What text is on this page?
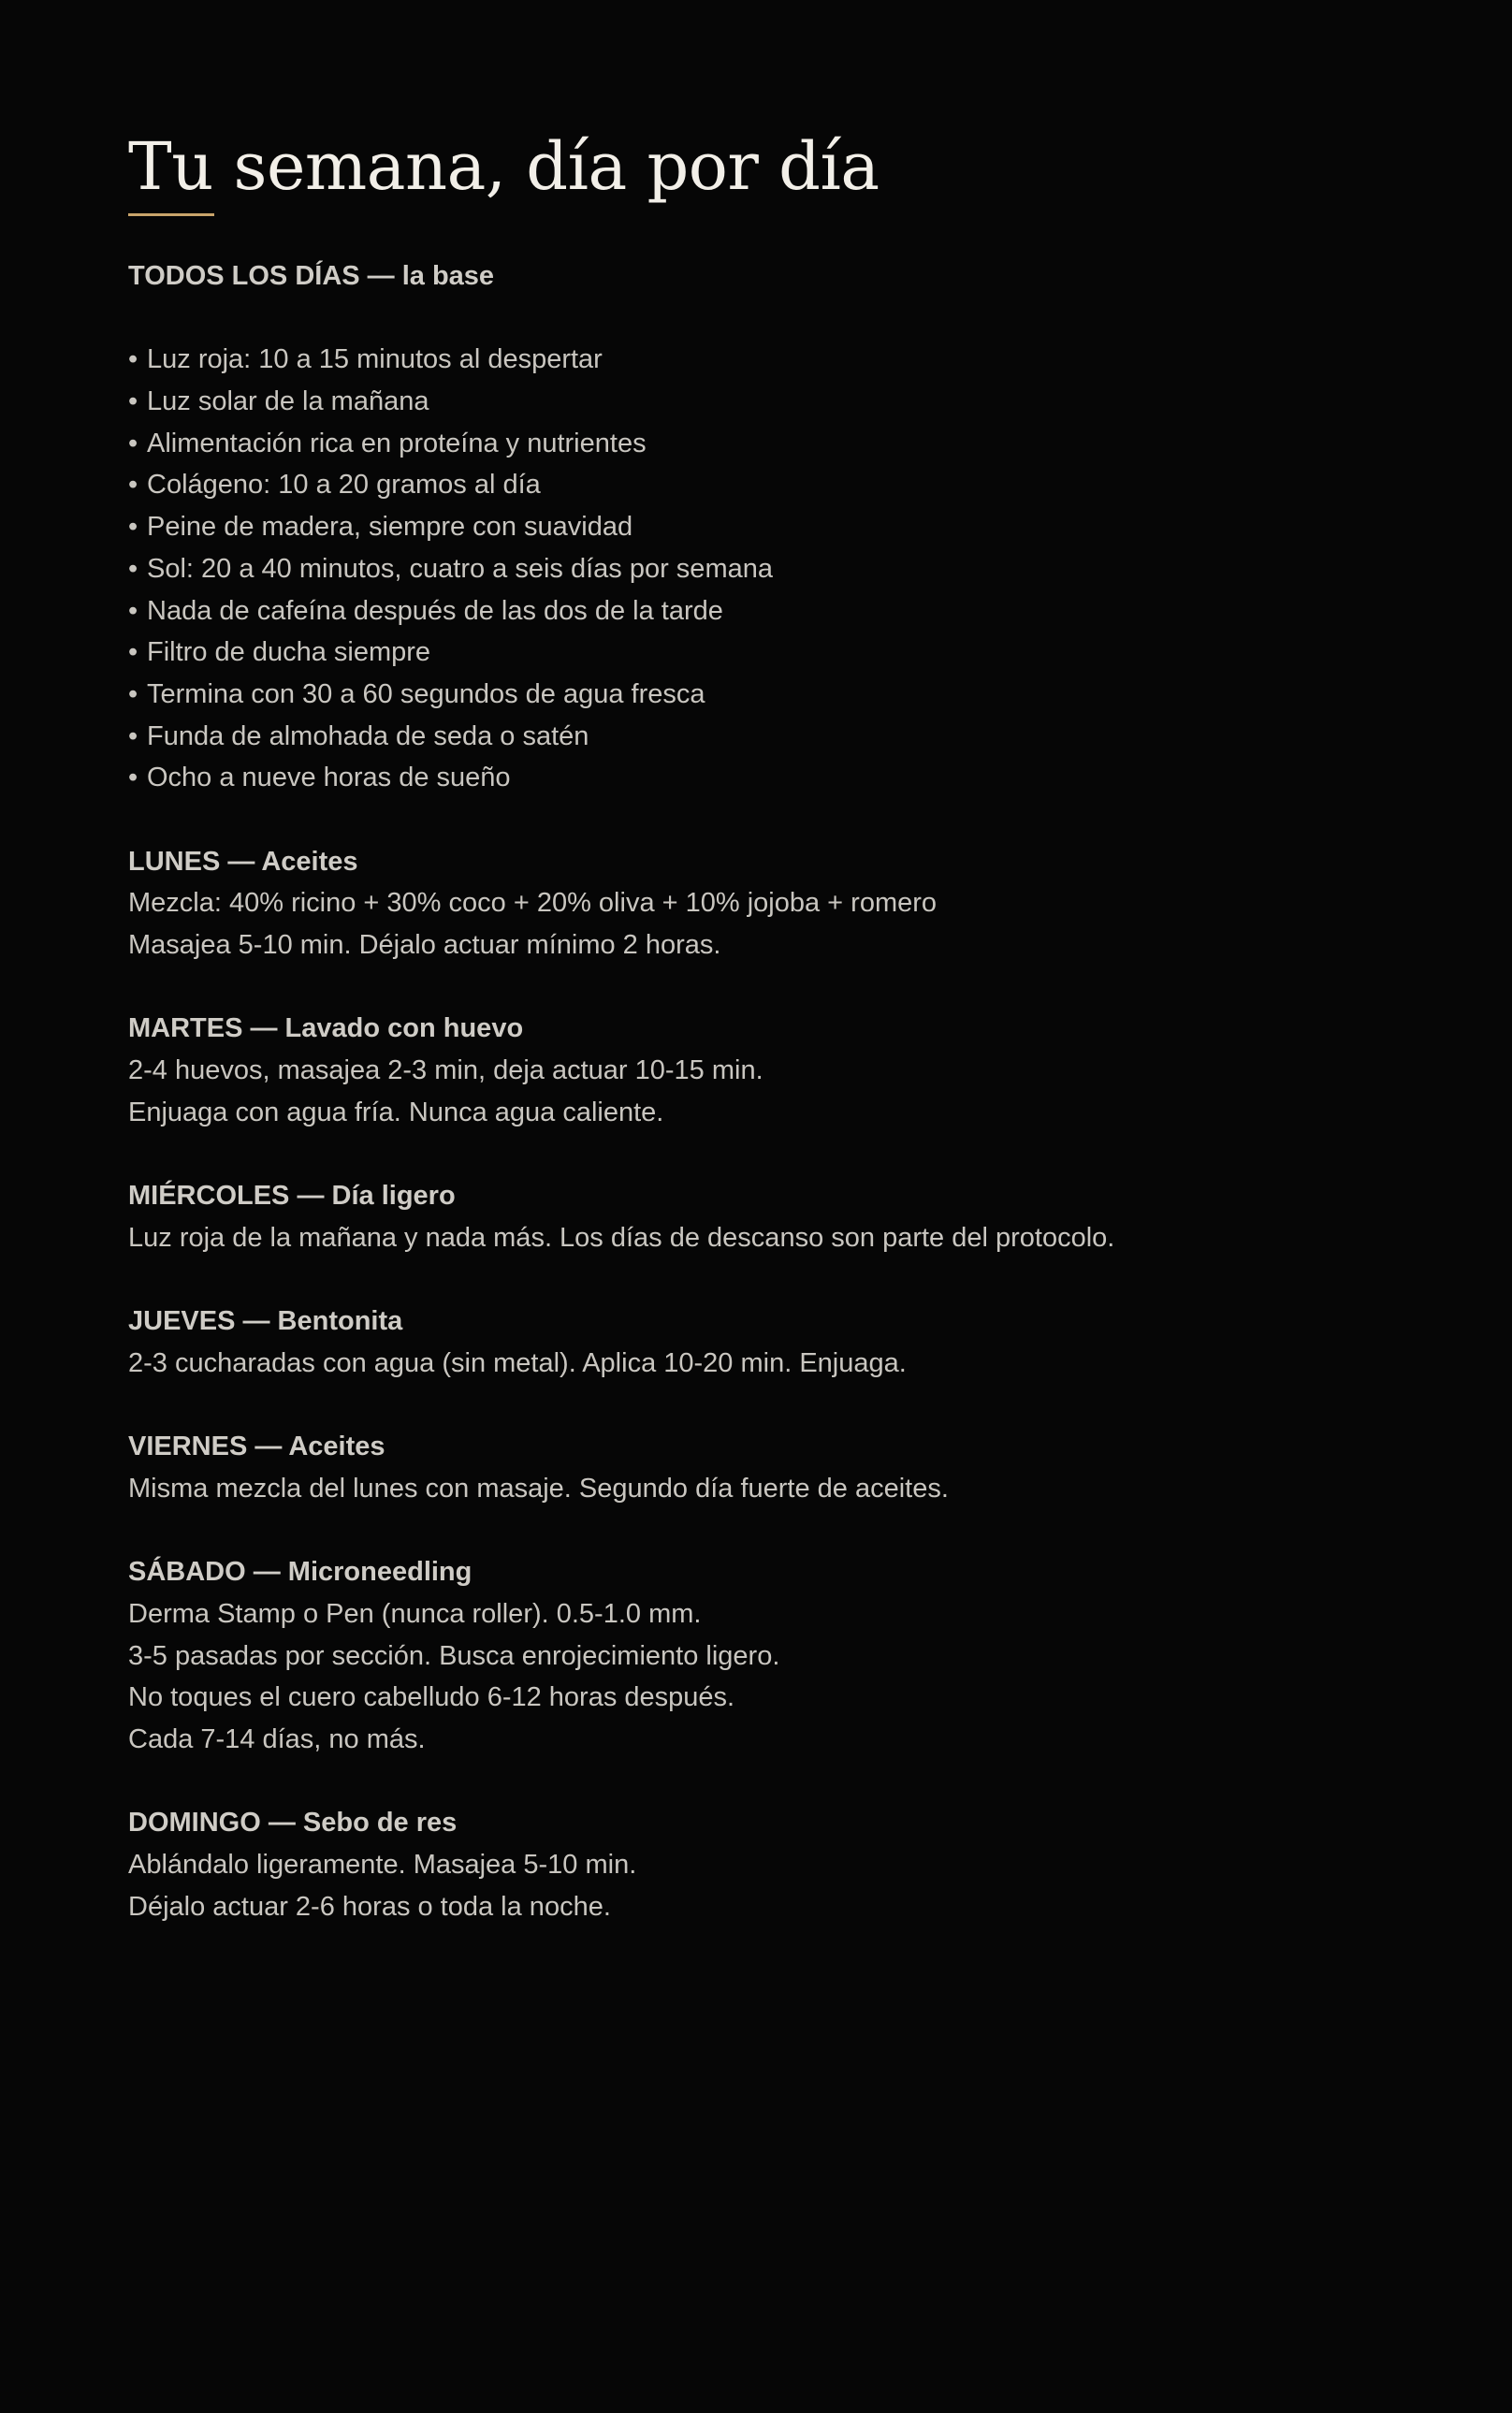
Tu semana, día por día
TODOS LOS DÍAS — la base
• Luz roja: 10 a 15 minutos al despertar
• Luz solar de la mañana
• Alimentación rica en proteína y nutrientes
• Colágeno: 10 a 20 gramos al día
• Peine de madera, siempre con suavidad
• Sol: 20 a 40 minutos, cuatro a seis días por semana
• Nada de cafeína después de las dos de la tarde
• Filtro de ducha siempre
• Termina con 30 a 60 segundos de agua fresca
• Funda de almohada de seda o satén
• Ocho a nueve horas de sueño
LUNES — Aceites
Mezcla: 40% ricino + 30% coco + 20% oliva + 10% jojoba + romero
Masajea 5-10 min. Déjalo actuar mínimo 2 horas.
MARTES — Lavado con huevo
2-4 huevos, masajea 2-3 min, deja actuar 10-15 min.
Enjuaga con agua fría. Nunca agua caliente.
MIÉRCOLES — Día ligero
Luz roja de la mañana y nada más. Los días de descanso son parte del protocolo.
JUEVES — Bentonita
2-3 cucharadas con agua (sin metal). Aplica 10-20 min. Enjuaga.
VIERNES — Aceites
Misma mezcla del lunes con masaje. Segundo día fuerte de aceites.
SÁBADO — Microneedling
Derma Stamp o Pen (nunca roller). 0.5-1.0 mm.
3-5 pasadas por sección. Busca enrojecimiento ligero.
No toques el cuero cabelludo 6-12 horas después.
Cada 7-14 días, no más.
DOMINGO — Sebo de res
Ablándalo ligeramente. Masajea 5-10 min.
Déjalo actuar 2-6 horas o toda la noche.
